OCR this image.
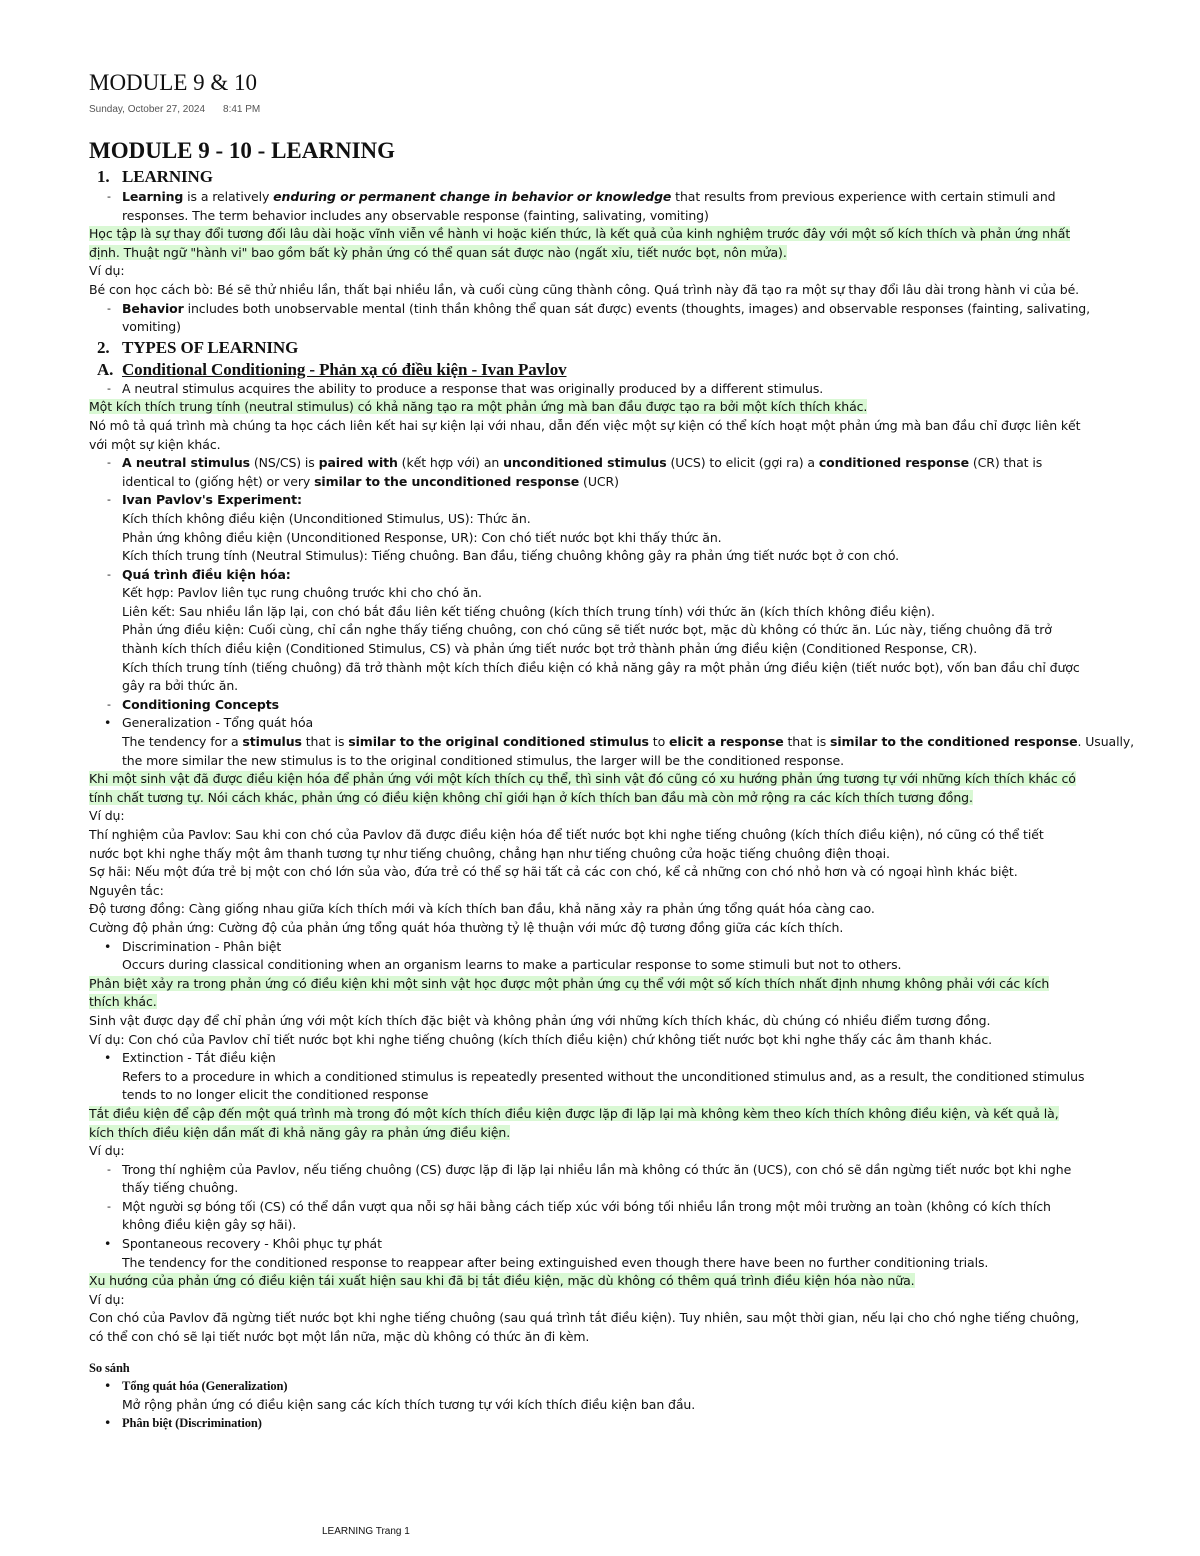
MODULE 9 & 10
Sunday, October 27, 2024 8:41 PM
MODULE 9 - 10 - LEARNING
1. LEARNING
- Learning is a relatively enduring or permanent change in behavior or knowledge that results from previous experience with certain stimuli and
responses. The term behavior includes any observable response (fainting, salivating, vomiting)
Học tập là sự thay đổi tương đối lâu dài hoặc vĩnh viễn về hành vi hoặc kiến thức, là kết quả của kinh nghiệm trước đây với một số kích thích và phản ứng nhất
định. Thuật ngữ "hành vi" bao gồm bất kỳ phản ứng có thể quan sát được nào (ngất xỉu, tiết nước bọt, nôn mửa).
Ví dụ:
Bé con học cách bò: Bé sẽ thử nhiều lần, thất bại nhiều lần, và cuối cùng cũng thành công. Quá trình này đã tạo ra một sự thay đổi lâu dài trong hành vi của bé.
- Behavior includes both unobservable mental (tinh thần không thể quan sát được) events (thoughts, images) and observable responses (fainting, salivating,
vomiting)
2. TYPES OF LEARNING
A. Conditional Conditioning - Phản xạ có điều kiện - Ivan Pavlov
- A neutral stimulus acquires the ability to produce a response that was originally produced by a different stimulus.
Một kích thích trung tính (neutral stimulus) có khả năng tạo ra một phản ứng mà ban đầu được tạo ra bởi một kích thích khác.
Nó mô tả quá trình mà chúng ta học cách liên kết hai sự kiện lại với nhau, dẫn đến việc một sự kiện có thể kích hoạt một phản ứng mà ban đầu chỉ được liên kết
với một sự kiện khác.
- A neutral stimulus (NS/CS) is paired with (kết hợp với) an unconditioned stimulus (UCS) to elicit (gợi ra) a conditioned response (CR) that is
identical to (giống hệt) or very similar to the unconditioned response (UCR)
- Ivan Pavlov's Experiment:
Kích thích không điều kiện (Unconditioned Stimulus, US): Thức ăn.
Phản ứng không điều kiện (Unconditioned Response, UR): Con chó tiết nước bọt khi thấy thức ăn.
Kích thích trung tính (Neutral Stimulus): Tiếng chuông. Ban đầu, tiếng chuông không gây ra phản ứng tiết nước bọt ở con chó.
- Quá trình điều kiện hóa:
Kết hợp: Pavlov liên tục rung chuông trước khi cho chó ăn.
Liên kết: Sau nhiều lần lặp lại, con chó bắt đầu liên kết tiếng chuông (kích thích trung tính) với thức ăn (kích thích không điều kiện).
Phản ứng điều kiện: Cuối cùng, chỉ cần nghe thấy tiếng chuông, con chó cũng sẽ tiết nước bọt, mặc dù không có thức ăn. Lúc này, tiếng chuông đã trở
thành kích thích điều kiện (Conditioned Stimulus, CS) và phản ứng tiết nước bọt trở thành phản ứng điều kiện (Conditioned Response, CR).
Kích thích trung tính (tiếng chuông) đã trở thành một kích thích điều kiện có khả năng gây ra một phản ứng điều kiện (tiết nước bọt), vốn ban đầu chỉ được
gây ra bởi thức ăn.
- Conditioning Concepts
• Generalization - Tổng quát hóa
The tendency for a stimulus that is similar to the original conditioned stimulus to elicit a response that is similar to the conditioned response. Usually,
the more similar the new stimulus is to the original conditioned stimulus, the larger will be the conditioned response.
Khi một sinh vật đã được điều kiện hóa để phản ứng với một kích thích cụ thể, thì sinh vật đó cũng có xu hướng phản ứng tương tự với những kích thích khác có
tính chất tương tự. Nói cách khác, phản ứng có điều kiện không chỉ giới hạn ở kích thích ban đầu mà còn mở rộng ra các kích thích tương đồng.
Ví dụ:
Thí nghiệm của Pavlov: Sau khi con chó của Pavlov đã được điều kiện hóa để tiết nước bọt khi nghe tiếng chuông (kích thích điều kiện), nó cũng có thể tiết
nước bọt khi nghe thấy một âm thanh tương tự như tiếng chuông, chẳng hạn như tiếng chuông cửa hoặc tiếng chuông điện thoại.
Sợ hãi: Nếu một đứa trẻ bị một con chó lớn sủa vào, đứa trẻ có thể sợ hãi tất cả các con chó, kể cả những con chó nhỏ hơn và có ngoại hình khác biệt.
Nguyên tắc:
Độ tương đồng: Càng giống nhau giữa kích thích mới và kích thích ban đầu, khả năng xảy ra phản ứng tổng quát hóa càng cao.
Cường độ phản ứng: Cường độ của phản ứng tổng quát hóa thường tỷ lệ thuận với mức độ tương đồng giữa các kích thích.
• Discrimination - Phân biệt
Occurs during classical conditioning when an organism learns to make a particular response to some stimuli but not to others.
Phân biệt xảy ra trong phản ứng có điều kiện khi một sinh vật học được một phản ứng cụ thể với một số kích thích nhất định nhưng không phải với các kích
thích khác.
Sinh vật được dạy để chỉ phản ứng với một kích thích đặc biệt và không phản ứng với những kích thích khác, dù chúng có nhiều điểm tương đồng.
Ví dụ: Con chó của Pavlov chỉ tiết nước bọt khi nghe tiếng chuông (kích thích điều kiện) chứ không tiết nước bọt khi nghe thấy các âm thanh khác.
• Extinction - Tắt điều kiện
Refers to a procedure in which a conditioned stimulus is repeatedly presented without the unconditioned stimulus and, as a result, the conditioned stimulus
tends to no longer elicit the conditioned response
Tắt điều kiện để cập đến một quá trình mà trong đó một kích thích điều kiện được lặp đi lặp lại mà không kèm theo kích thích không điều kiện, và kết quả là,
kích thích điều kiện dần mất đi khả năng gây ra phản ứng điều kiện.
Ví dụ:
- Trong thí nghiệm của Pavlov, nếu tiếng chuông (CS) được lặp đi lặp lại nhiều lần mà không có thức ăn (UCS), con chó sẽ dần ngừng tiết nước bọt khi nghe
thấy tiếng chuông.
- Một người sợ bóng tối (CS) có thể dần vượt qua nỗi sợ hãi bằng cách tiếp xúc với bóng tối nhiều lần trong một môi trường an toàn (không có kích thích
không điều kiện gây sợ hãi).
• Spontaneous recovery - Khôi phục tự phát
The tendency for the conditioned response to reappear after being extinguished even though there have been no further conditioning trials.
Xu hướng của phản ứng có điều kiện tái xuất hiện sau khi đã bị tắt điều kiện, mặc dù không có thêm quá trình điều kiện hóa nào nữa.
Ví dụ:
Con chó của Pavlov đã ngừng tiết nước bọt khi nghe tiếng chuông (sau quá trình tắt điều kiện). Tuy nhiên, sau một thời gian, nếu lại cho chó nghe tiếng chuông,
có thể con chó sẽ lại tiết nước bọt một lần nữa, mặc dù không có thức ăn đi kèm.
So sánh
• Tổng quát hóa (Generalization)
Mở rộng phản ứng có điều kiện sang các kích thích tương tự với kích thích điều kiện ban đầu.
• Phân biệt (Discrimination)
LEARNING Trang 1
